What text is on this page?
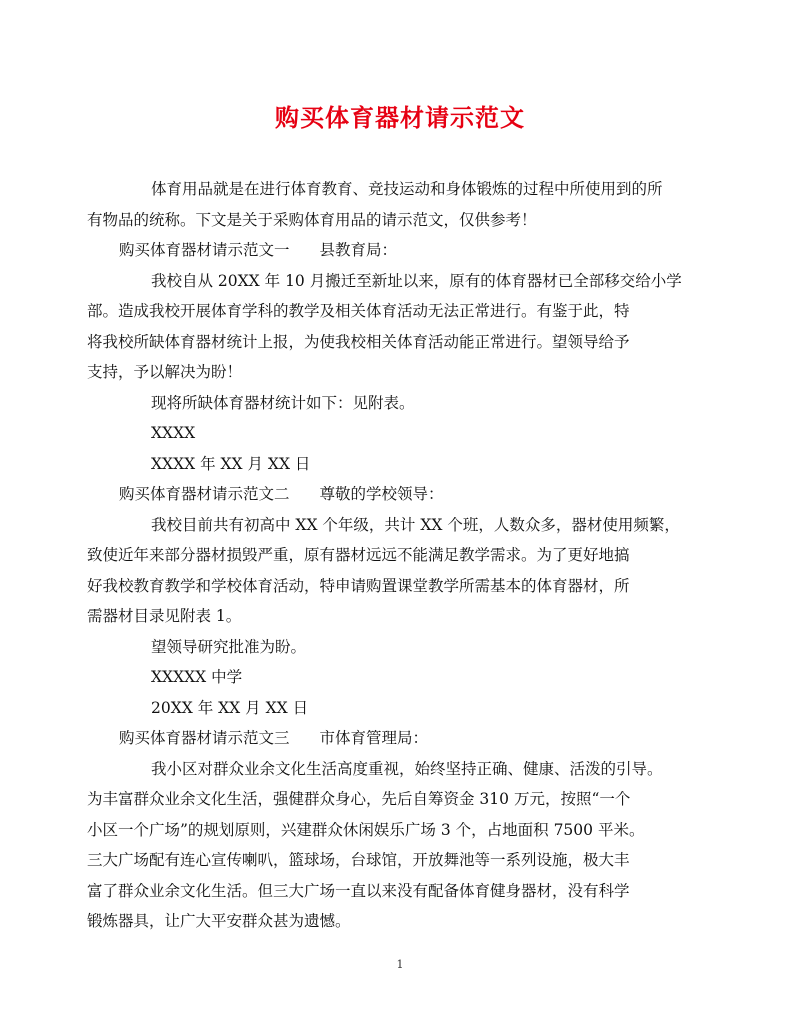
购买体育器材请示范文
体育用品就是在进行体育教育、竞技运动和身体锻炼的过程中所使用到的所
有物品的统称。下文是关于采购体育用品的请示范文，仅供参考！
购买体育器材请示范文一 县教育局：
我校自从 20XX 年 10 月搬迁至新址以来，原有的体育器材已全部移交给小学
部。造成我校开展体育学科的教学及相关体育活动无法正常进行。有鉴于此，特
将我校所缺体育器材统计上报，为使我校相关体育活动能正常进行。望领导给予
支持，予以解决为盼！
现将所缺体育器材统计如下：见附表。
XXXX
XXXX 年 XX 月 XX 日
购买体育器材请示范文二 尊敬的学校领导：
我校目前共有初高中 XX 个年级，共计 XX 个班，人数众多，器材使用频繁，
致使近年来部分器材损毁严重，原有器材远远不能满足教学需求。为了更好地搞
好我校教育教学和学校体育活动，特申请购置课堂教学所需基本的体育器材，所
需器材目录见附表 1。
望领导研究批准为盼。
XXXXX 中学
20XX 年 XX 月 XX 日
购买体育器材请示范文三 市体育管理局：
我小区对群众业余文化生活高度重视，始终坚持正确、健康、活泼的引导。
为丰富群众业余文化生活，强健群众身心，先后自筹资金 310 万元，按照“一个
小区一个广场”的规划原则，兴建群众休闲娱乐广场 3 个，占地面积 7500 平米。
三大广场配有连心宣传喇叭，篮球场，台球馆，开放舞池等一系列设施，极大丰
富了群众业余文化生活。但三大广场一直以来没有配备体育健身器材，没有科学
锻炼器具，让广大平安群众甚为遗憾。
1
